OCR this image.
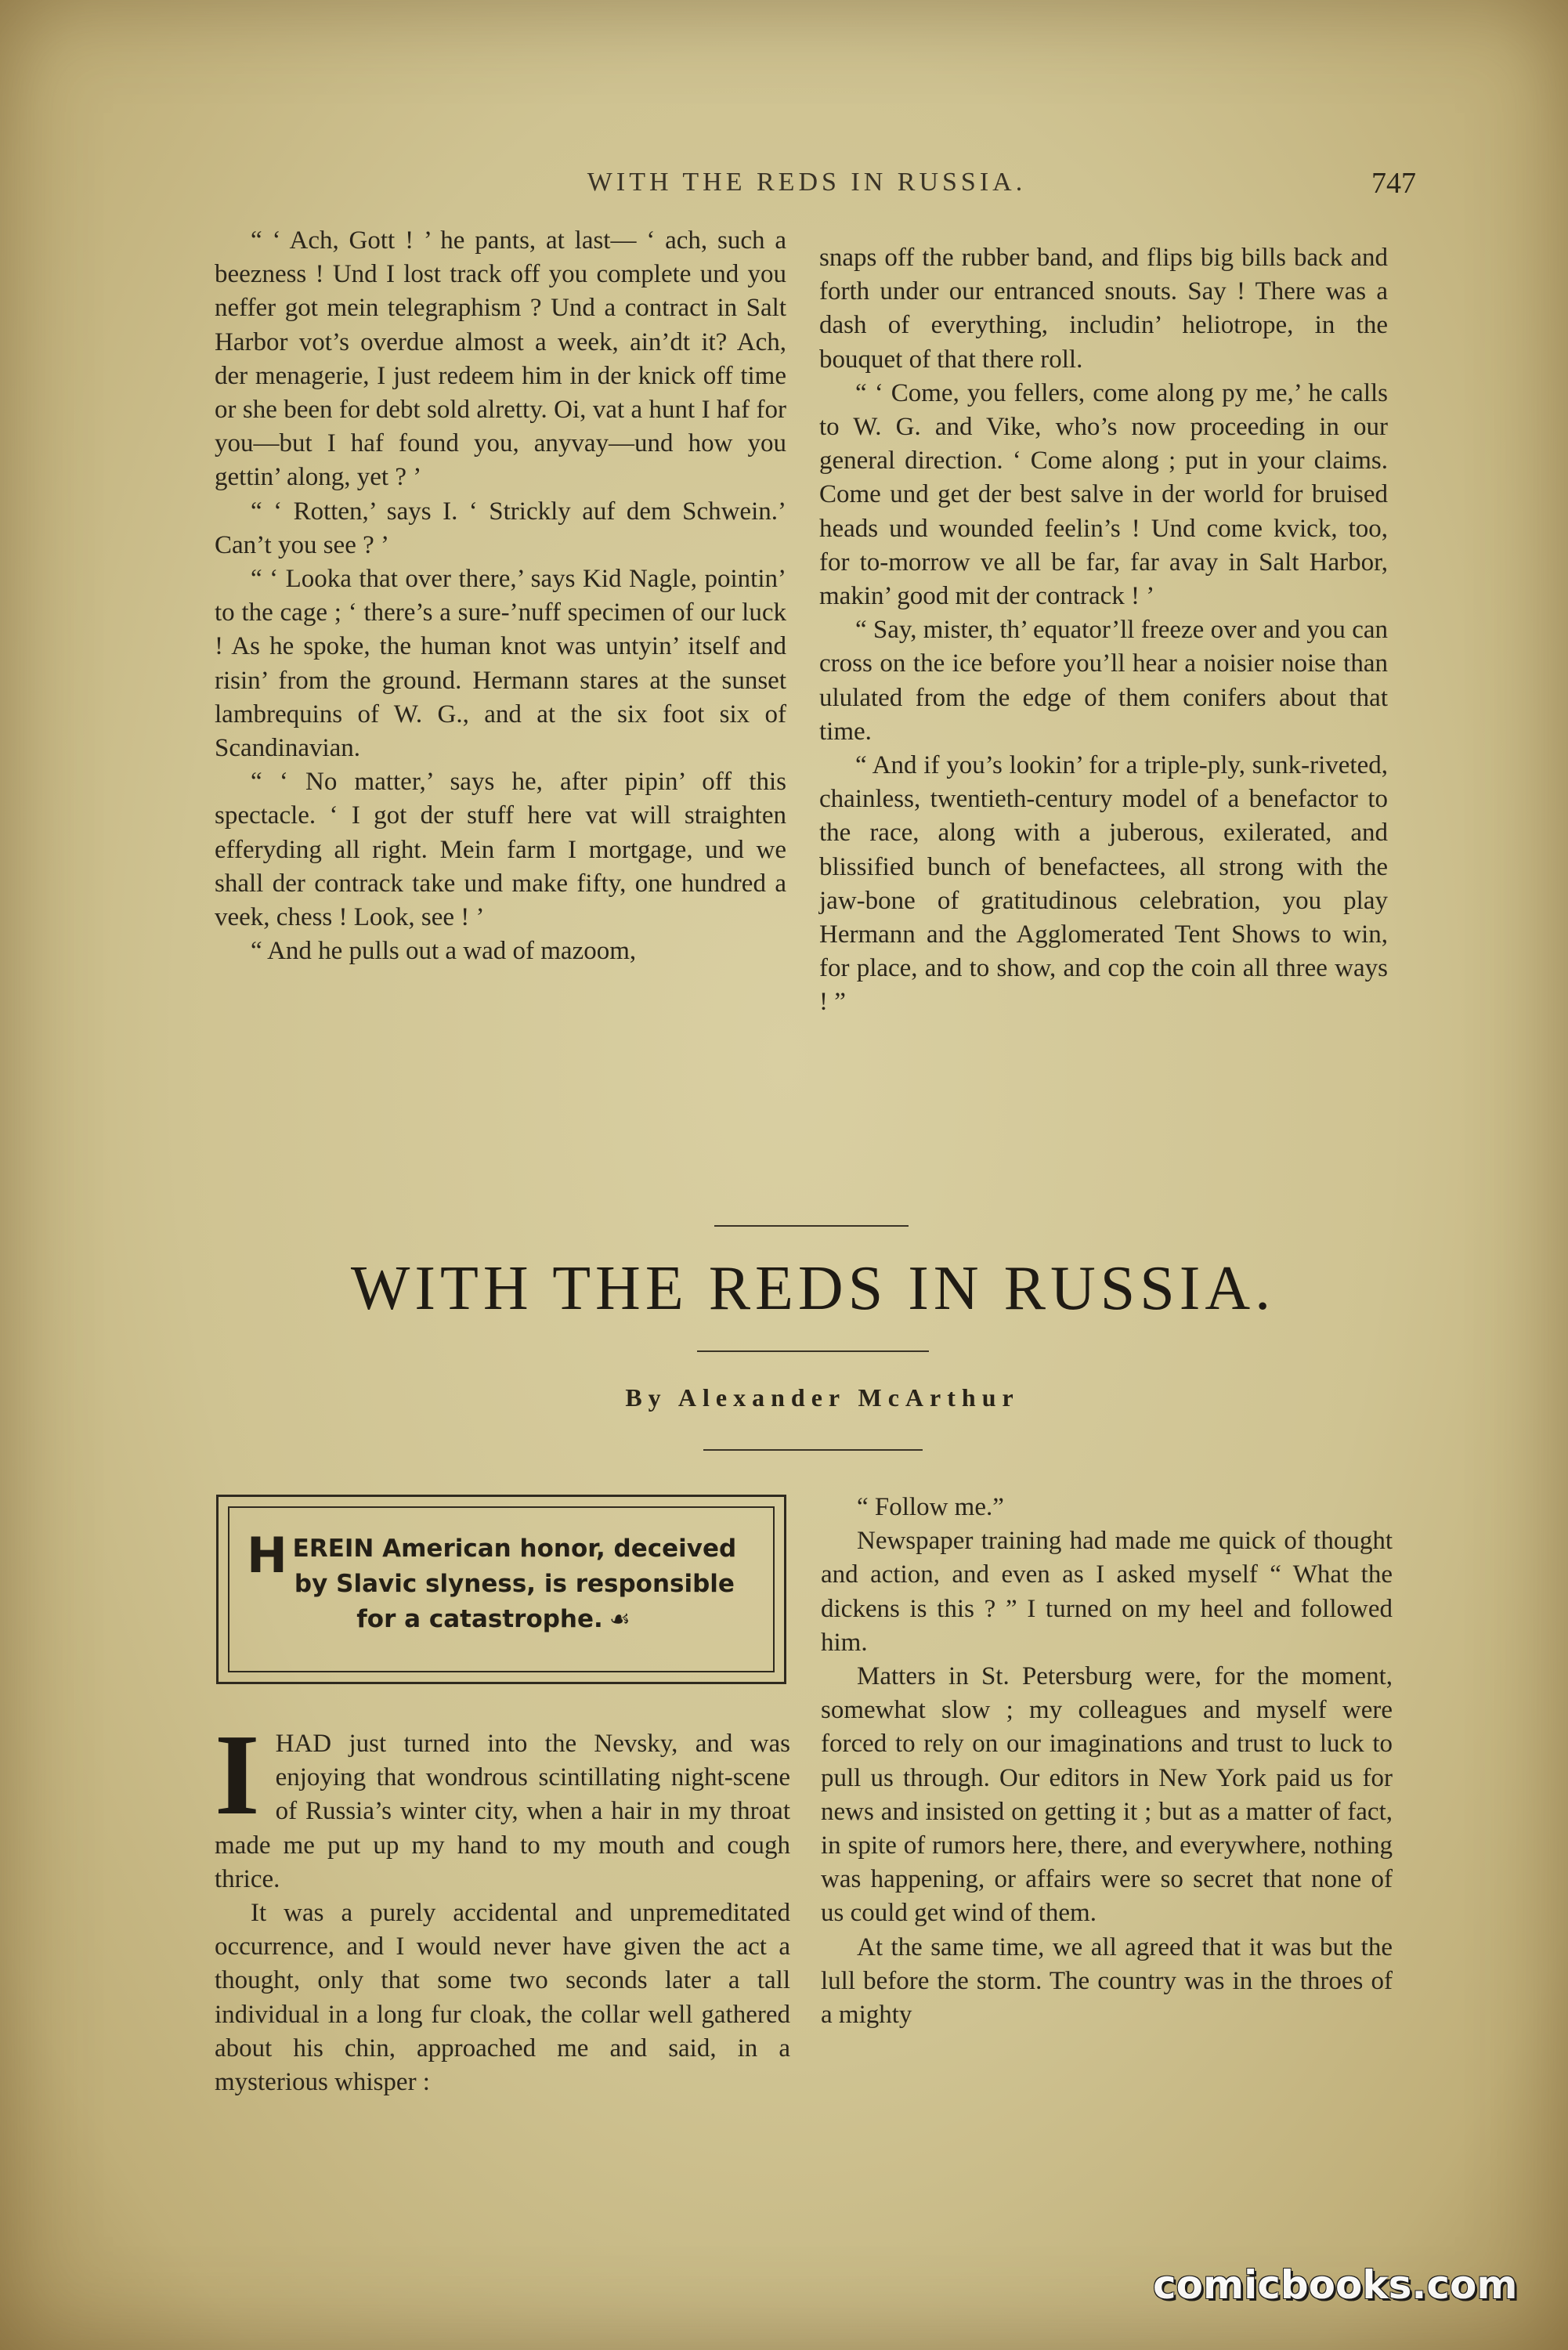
WITH THE REDS IN RUSSIA.	747

“ ‘ Ach, Gott ! ’ he pants, at last— ‘ ach, such a beezness ! Und I lost track off you complete und you neffer got mein telegraphism ? Und a contract in Salt Harbor vot’s overdue almost a week, ain’dt it? Ach, der menagerie, I just redeem him in der knick off time or she been for debt sold alretty. Oi, vat a hunt I haf for you—but I haf found you, anyvay—und how you gettin’ along, yet ? ’

“ ‘ Rotten,’ says I. ‘ Strickly auf dem Schwein.’ Can’t you see ? ’

“ ‘ Looka that over there,’ says Kid Nagle, pointin’ to the cage ; ‘ there’s a sure-’nuff specimen of our luck ! As he spoke, the human knot was untyin’ itself and risin’ from the ground. Hermann stares at the sunset lambrequins of W. G., and at the six foot six of Scandinavian.

“ ‘ No matter,’ says he, after pipin’ off this spectacle. ‘ I got der stuff here vat will straighten efferyding all right. Mein farm I mortgage, und we shall der contrack take und make fifty, one hundred a veek, chess ! Look, see ! ’

“ And he pulls out a wad of mazoom,

snaps off the rubber band, and flips big bills back and forth under our entranced snouts. Say ! There was a dash of everything, includin’ heliotrope, in the bouquet of that there roll.

“ ‘ Come, you fellers, come along py me,’ he calls to W. G. and Vike, who’s now proceeding in our general direction. ‘ Come along ; put in your claims. Come und get der best salve in der world for bruised heads und wounded feelin’s ! Und come kvick, too, for to-morrow ve all be far, far avay in Salt Harbor, makin’ good mit der contrack ! ’

“ Say, mister, th’ equator’ll freeze over and you can cross on the ice before you’ll hear a noisier noise than ululated from the edge of them conifers about that time.

“ And if you’s lookin’ for a triple-ply, sunk-riveted, chainless, twentieth-century model of a benefactor to the race, along with a juberous, exilerated, and blissified bunch of benefactees, all strong with the jaw-bone of gratitudinous celebration, you play Hermann and the Agglomerated Tent Shows to win, for place, and to show, and cop the coin all three ways ! ”

WITH THE REDS IN RUSSIA.
By Alexander McArthur
HEREIN American honor, deceived by Slavic slyness, is responsible for a catastrophe. ☙

IHAD just turned into the Nevsky, and was enjoying that wondrous scintillating night-scene of Russia’s winter city, when a hair in my throat made me put up my hand to my mouth and cough thrice.

It was a purely accidental and unpremeditated occurrence, and I would never have given the act a thought, only that some two seconds later a tall individual in a long fur cloak, the collar well gathered about his chin, approached me and said, in a mysterious whisper :

“ Follow me.”

Newspaper training had made me quick of thought and action, and even as I asked myself “ What the dickens is this ? ” I turned on my heel and followed him.

Matters in St. Petersburg were, for the moment, somewhat slow ; my colleagues and myself were forced to rely on our imaginations and trust to luck to pull us through. Our editors in New York paid us for news and insisted on getting it ; but as a matter of fact, in spite of rumors here, there, and everywhere, nothing was happening, or affairs were so secret that none of us could get wind of them.

At the same time, we all agreed that it was but the lull before the storm. The country was in the throes of a mighty

comicbooks.com
